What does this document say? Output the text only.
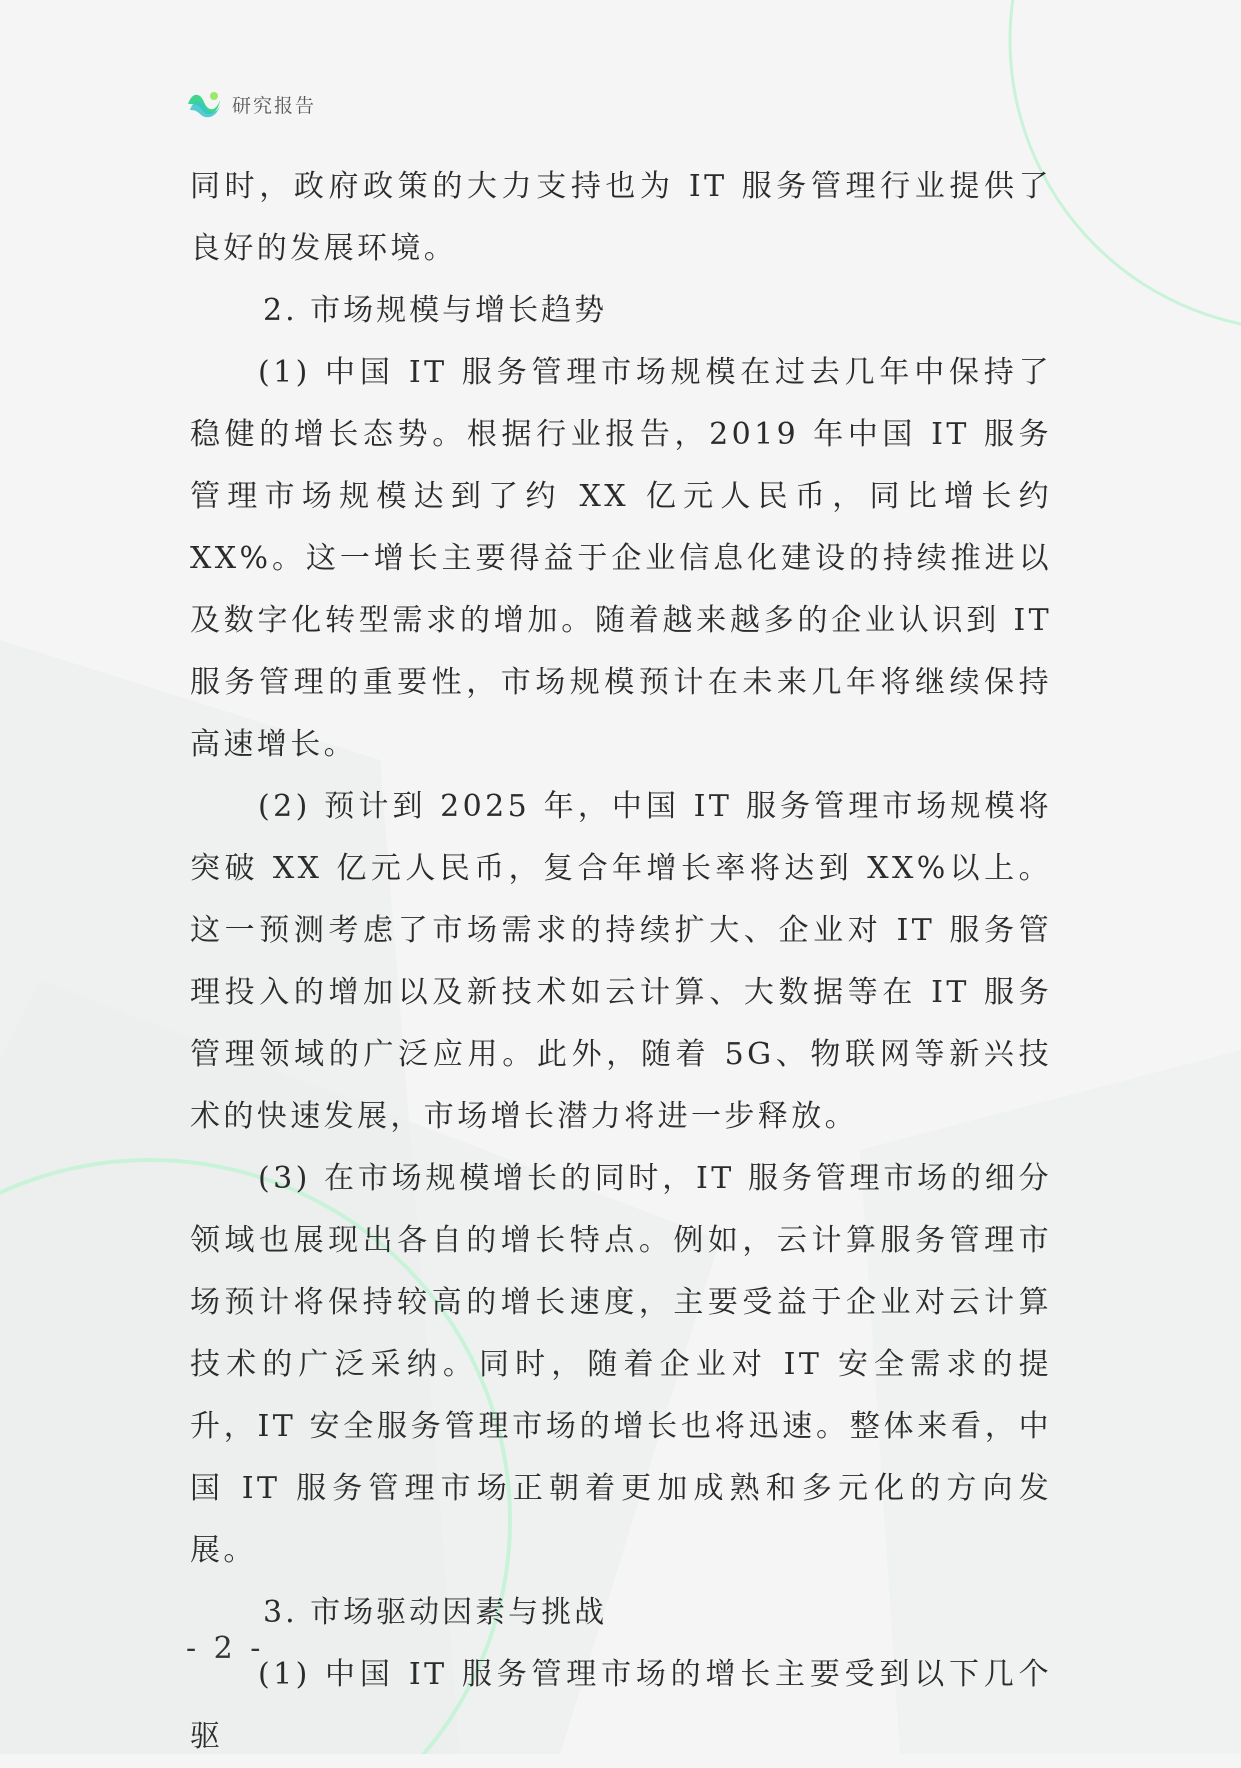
研究报告

同时，政府政策的大力支持也为 IT 服务管理行业提供了良好的发展环境。

2. 市场规模与增长趋势

(1) 中国 IT 服务管理市场规模在过去几年中保持了稳健的增长态势。根据行业报告，2019 年中国 IT 服务管理市场规模达到了约 XX 亿元人民币，同比增长约 XX%。这一增长主要得益于企业信息化建设的持续推进以及数字化转型需求的增加。随着越来越多的企业认识到 IT 服务管理的重要性，市场规模预计在未来几年将继续保持高速增长。

(2) 预计到 2025 年，中国 IT 服务管理市场规模将突破 XX 亿元人民币，复合年增长率将达到 XX%以上。这一预测考虑了市场需求的持续扩大、企业对 IT 服务管理投入的增加以及新技术如云计算、大数据等在 IT 服务管理领域的广泛应用。此外，随着 5G、物联网等新兴技术的快速发展，市场增长潜力将进一步释放。

(3) 在市场规模增长的同时，IT 服务管理市场的细分领域也展现出各自的增长特点。例如，云计算服务管理市场预计将保持较高的增长速度，主要受益于企业对云计算技术的广泛采纳。同时，随着企业对 IT 安全需求的提升，IT 安全服务管理市场的增长也将迅速。整体来看，中国 IT 服务管理市场正朝着更加成熟和多元化的方向发展。

3. 市场驱动因素与挑战

(1) 中国 IT 服务管理市场的增长主要受到以下几个驱

- 2 -
